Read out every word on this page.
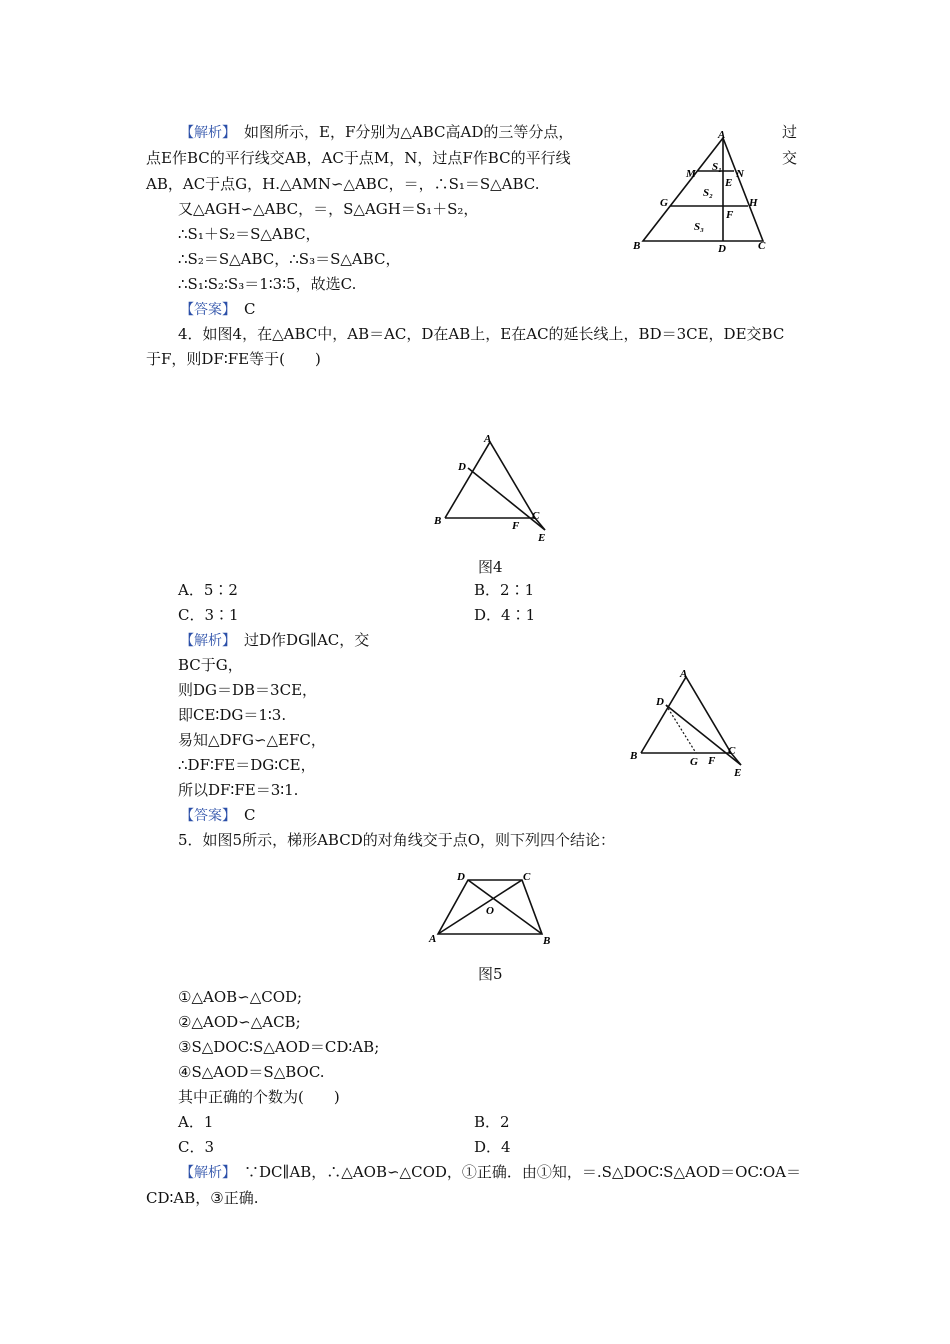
【解析】　 如图所示，E，F分别为△ABC高AD的三等分点，	过
点E作BC的平行线交AB，AC于点M，N，过点F作BC的平行线	交
AB，AC于点G，H.△AMN∽△ABC，＝，∴S₁＝S△ABC.
又△AGH∽△ABC，＝，S△AGH＝S₁＋S₂，
∴S₁＋S₂＝S△ABC，
∴S₂＝S△ABC，∴S₃＝S△ABC，
∴S₁∶S₂∶S₃＝1∶3∶5，故选C.
【答案】　 C
A
M	N
S₁
E
S₂
G	H
F
S₃
B	D	C
4．如图4，在△ABC中，AB＝AC，D在AB上，E在AC的延长线上，BD＝3CE，DE交BC
于F，则DF∶FE等于(　　)
A
D
B	F
C
E
图4
A．5∶2	B．2∶1
C．3∶1	D．4∶1
【解析】　 过D作DG∥AC，交
BC于G，
则DG＝DB＝3CE，
即CE∶DG＝1∶3.
易知△DFG∽△EFC，
∴DF∶FE＝DG∶CE，
所以DF∶FE＝3∶1.
【答案】　 C
A
D
B	G F
C
E
5．如图5所示，梯形ABCD的对角线交于点O，则下列四个结论：
D	C
O
A	B
图5
①△AOB∽△COD;
②△AOD∽△ACB;
③S△DOC∶S△AOD＝CD∶AB;
④S△AOD＝S△BOC.
其中正确的个数为(　　)
A．1	B．2
C．3	D．4
【解析】　 ∵DC∥AB，∴△AOB∽△COD，①正确．由①知，＝.S△DOC∶S△AOD＝OC∶OA＝
CD∶AB，③正确.
